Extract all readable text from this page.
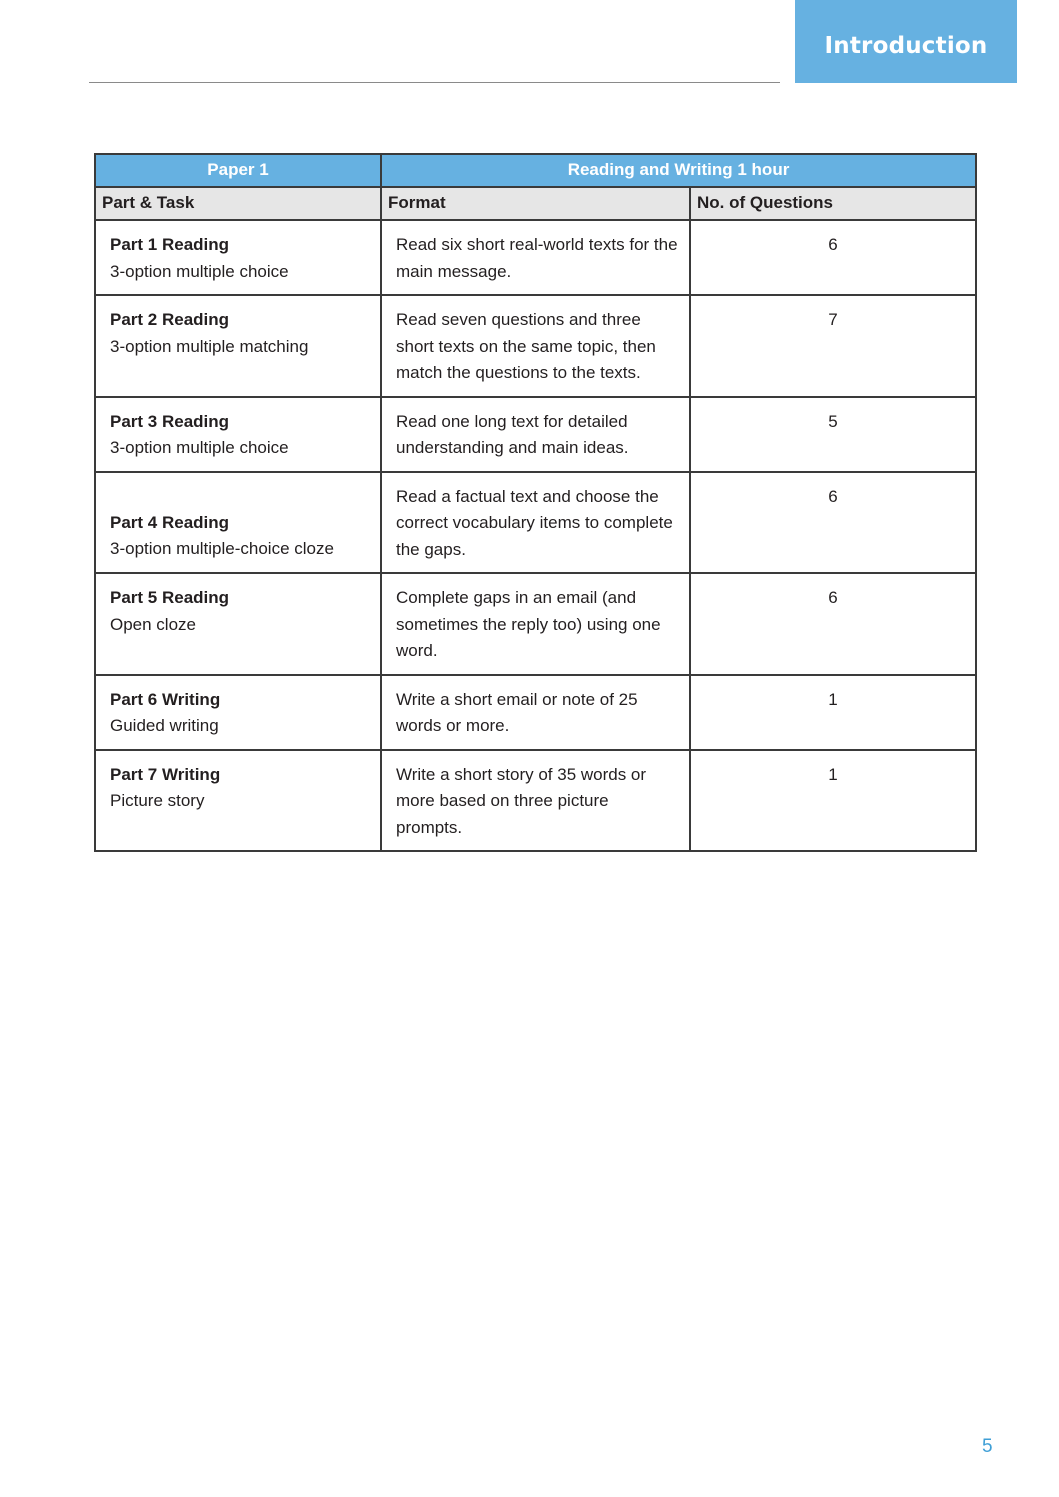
Introduction
Paper 1	Reading and Writing 1 hour	
Part & Task	Format	No. of Questions

Part 1 Reading
3-option multiple choice	Read six short real-world texts for the main message.	6

Part 2 Reading
3-option multiple matching	Read seven questions and three short texts on the same topic, then match the questions to the texts.	7

Part 3 Reading
3-option multiple choice	Read one long text for detailed understanding and main ideas.	5

Part 4 Reading
3-option multiple-choice cloze	Read a factual text and choose the correct vocabulary items to complete the gaps.	6

Part 5 Reading
Open cloze	Complete gaps in an email (and sometimes the reply too) using one word.	6

Part 6 Writing
Guided writing	Write a short email or note of 25 words or more.	1

Part 7 Writing
Picture story	Write a short story of 35 words or more based on three picture prompts.	1
5
